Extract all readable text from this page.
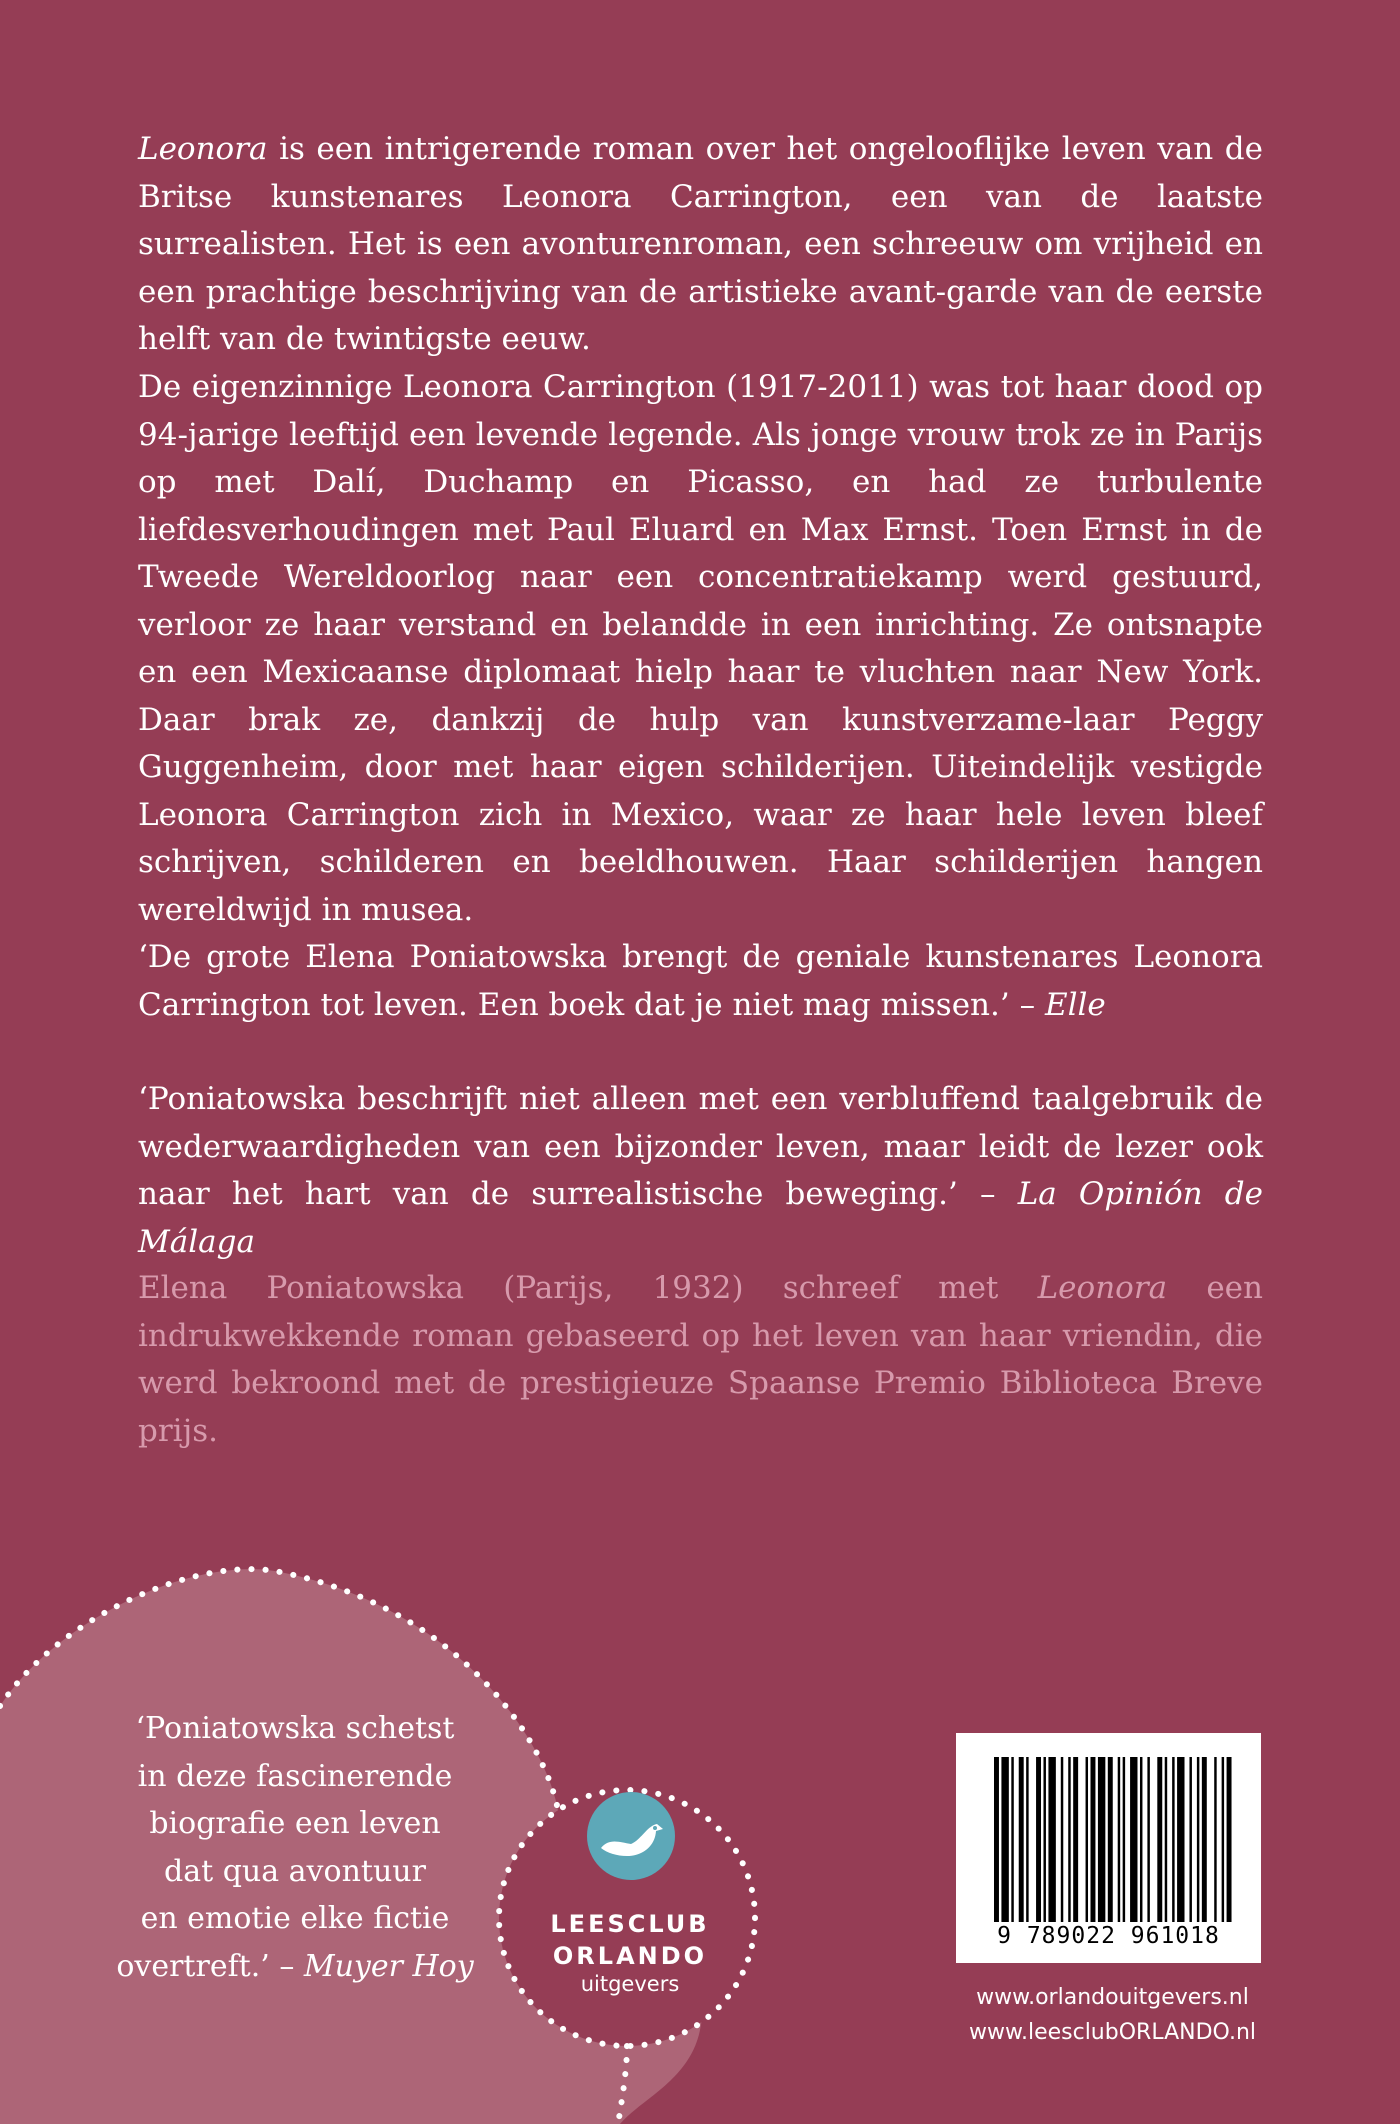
Leonora is een intrigerende roman over het ongelooflijke leven van de Britse kunstenares Leonora Carrington, een van de laatste surrealisten. Het is een avonturenroman, een schreeuw om vrijheid en een prachtige beschrijving van de artistieke avant-garde van de eerste helft van de twintigste eeuw.

De eigenzinnige Leonora Carrington (1917-2011) was tot haar dood op 94-jarige leeftijd een levende legende. Als jonge vrouw trok ze in Parijs op met Dalí, Duchamp en Picasso, en had ze turbulente liefdesverhoudingen met Paul Eluard en Max Ernst. Toen Ernst in de Tweede Wereldoorlog naar een concentratiekamp werd gestuurd, verloor ze haar verstand en belandde in een inrichting. Ze ontsnapte en een Mexicaanse diplomaat hielp haar te vluchten naar New York. Daar brak ze, dankzij de hulp van kunstverzame-laar Peggy Guggenheim, door met haar eigen schilderijen. Uiteindelijk vestigde Leonora Carrington zich in Mexico, waar ze haar hele leven bleef schrijven, schilderen en beeldhouwen. Haar schilderijen hangen wereldwijd in musea.

‘De grote Elena Poniatowska brengt de geniale kunstenares Leonora Carrington tot leven. Een boek dat je niet mag missen.’ – Elle

‘Poniatowska beschrijft niet alleen met een verbluffend taalgebruik de wederwaardigheden van een bijzonder leven, maar leidt de lezer ook naar het hart van de surrealistische beweging.’ – La Opinión de Málaga

Elena Poniatowska (Parijs, 1932) schreef met Leonora een indrukwekkende roman gebaseerd op het leven van haar vriendin, die werd bekroond met de prestigieuze Spaanse Premio Biblioteca Breve prijs.

‘Poniatowska schetst
in deze fascinerende
biografie een leven
dat qua avontuur
en emotie elke fictie
overtreft.’ – Muyer Hoy

LEESCLUB
ORLANDO
uitgevers
9 789022 961018
www.orlandouitgevers.nl
www.leesclubORLANDO.nl
